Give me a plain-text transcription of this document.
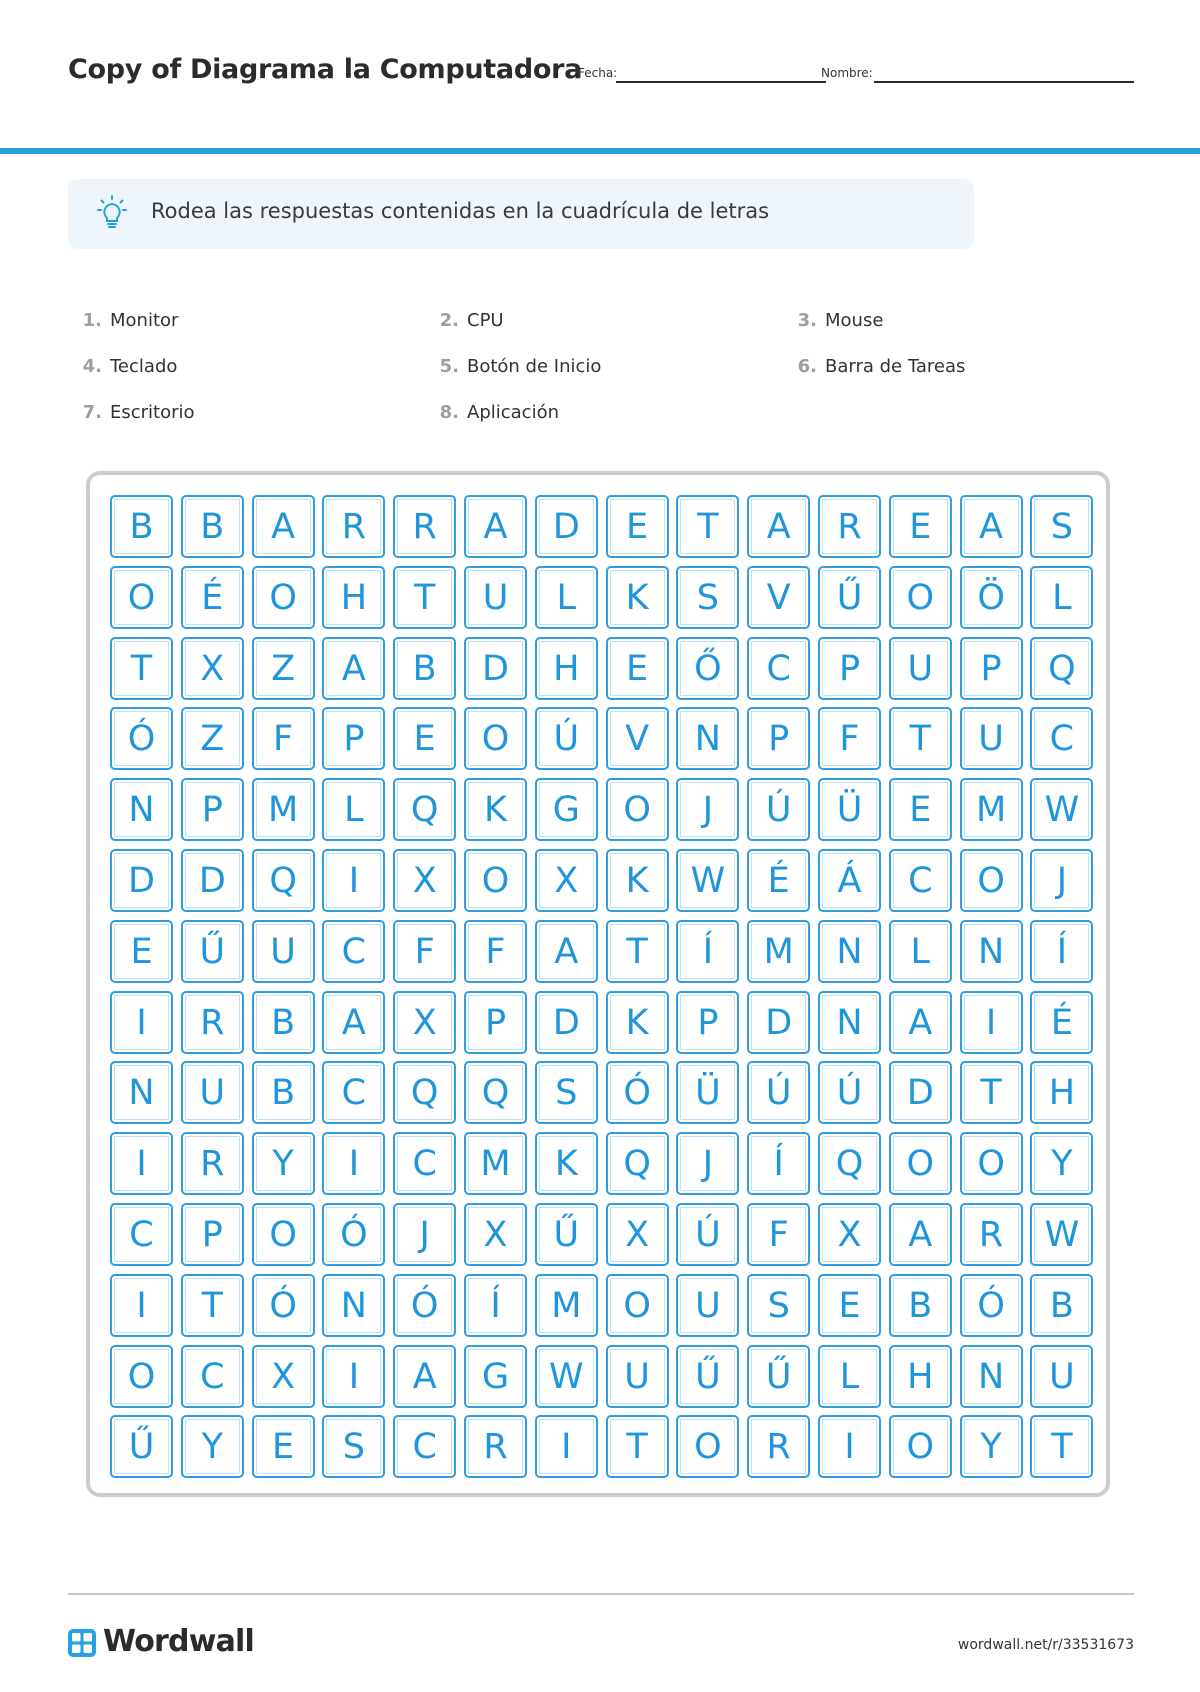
Copy of Diagrama la Computadora
Fecha:	Nombre:
Rodea las respuestas contenidas en la cuadrícula de letras
1. Monitor	2. CPU	3. Mouse
4. Teclado	5. Botón de Inicio	6. Barra de Tareas
7. Escritorio	8. Aplicación
B	B	A	R	R	A	D	E	T	A	R	E	A	S
O	É	O	H	T	U	L	K	S	V	Ű	O	Ö	L
T	X	Z	A	B	D	H	E	Ő	C	P	U	P	Q
Ó	Z	F	P	E	O	Ú	V	N	P	F	T	U	C
N	P	M	L	Q	K	G	O	J	Ú	Ü	E	M	W
D	D	Q	I	X	O	X	K	W	É	Á	C	O	J
E	Ű	U	C	F	F	A	T	Í	M	N	L	N	Í
I	R	B	A	X	P	D	K	P	D	N	A	I	É
N	U	B	C	Q	Q	S	Ó	Ü	Ú	Ú	D	T	H
I	R	Y	I	C	M	K	Q	J	Í	Q	O	O	Y
C	P	O	Ó	J	X	Ű	X	Ú	F	X	A	R	W
I	T	Ó	N	Ó	Í	M	O	U	S	E	B	Ó	B
O	C	X	I	A	G	W	U	Ű	Ű	L	H	N	U
Ű	Y	E	S	C	R	I	T	O	R	I	O	Y	T
Wordwall	wordwall.net/r/33531673
